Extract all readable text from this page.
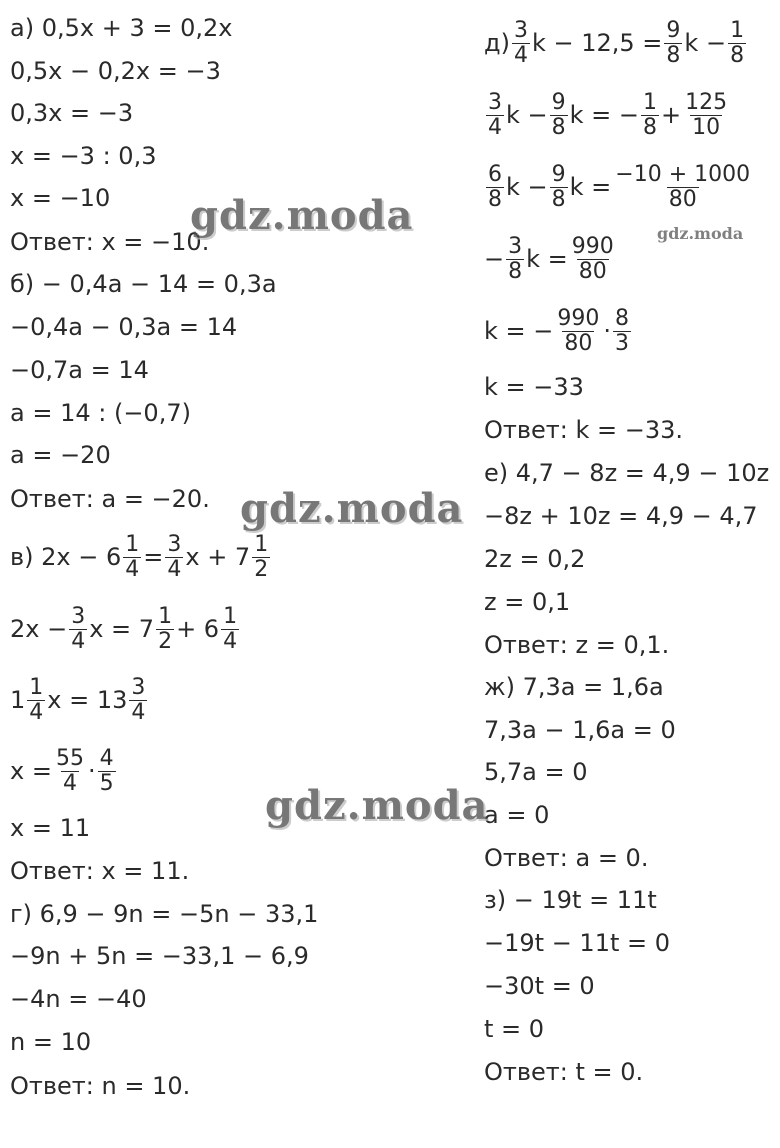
а) 0,5x + 3 = 0,2x
0,5x − 0,2x = −3
0,3x = −3
x = −3 : 0,3
x = −10
Ответ: x = −10.
б) − 0,4a − 14 = 0,3a
−0,4a − 0,3a = 14
−0,7a = 14
a = 14 : (−0,7)
a = −20
Ответ: a = −20.
в) $2x - 6 \frac{1}{4} = \frac{3}{4}$ $x + 7 \frac{1}{2}$
$2x - \frac{3}{4}$ $x = 7 \frac{1}{2} + 6 \frac{1}{4}$
$1 \frac{1}{4}$ $x = 13 \frac{3}{4}$
$x = \frac{55}{4} \cdot \frac{4}{5}$
x = 11
Ответ: x = 11.
г) 6,9 − 9n = −5n − 33,1
−9n + 5n = −33,1 − 6,9
−4n = −40
n = 10
Ответ: n = 10.
$д) \frac{3}{4}$ $k - 12,5 = \frac{9}{8}$ $k - \frac{1}{8}$
$\frac{3}{4}$ $k - \frac{9}{8}$ k = − $\frac{1}{8} + \frac{125}{10}$
$\frac{6}{8}$ $k - \frac{9}{8}$ $k = \frac{-10 + 1000}{80}$
− $\frac{3}{8}$ $k = \frac{990}{80}$
k = − $\frac{990}{80} \cdot \frac{8}{3}$
k = −33
Ответ: k = −33.
е) 4,7 − 8z = 4,9 − 10z
−8z + 10z = 4,9 − 4,7
2z = 0,2
z = 0,1
Ответ: z = 0,1.
ж) 7,3a = 1,6a
7,3a − 1,6a = 0
5,7a = 0
a = 0
Ответ: a = 0.
з) − 19t = 11t
−19t − 11t = 0
−30t = 0
t = 0
Ответ: t = 0.
gdz.moda
gdz.moda
gdz.moda
gdz.moda
